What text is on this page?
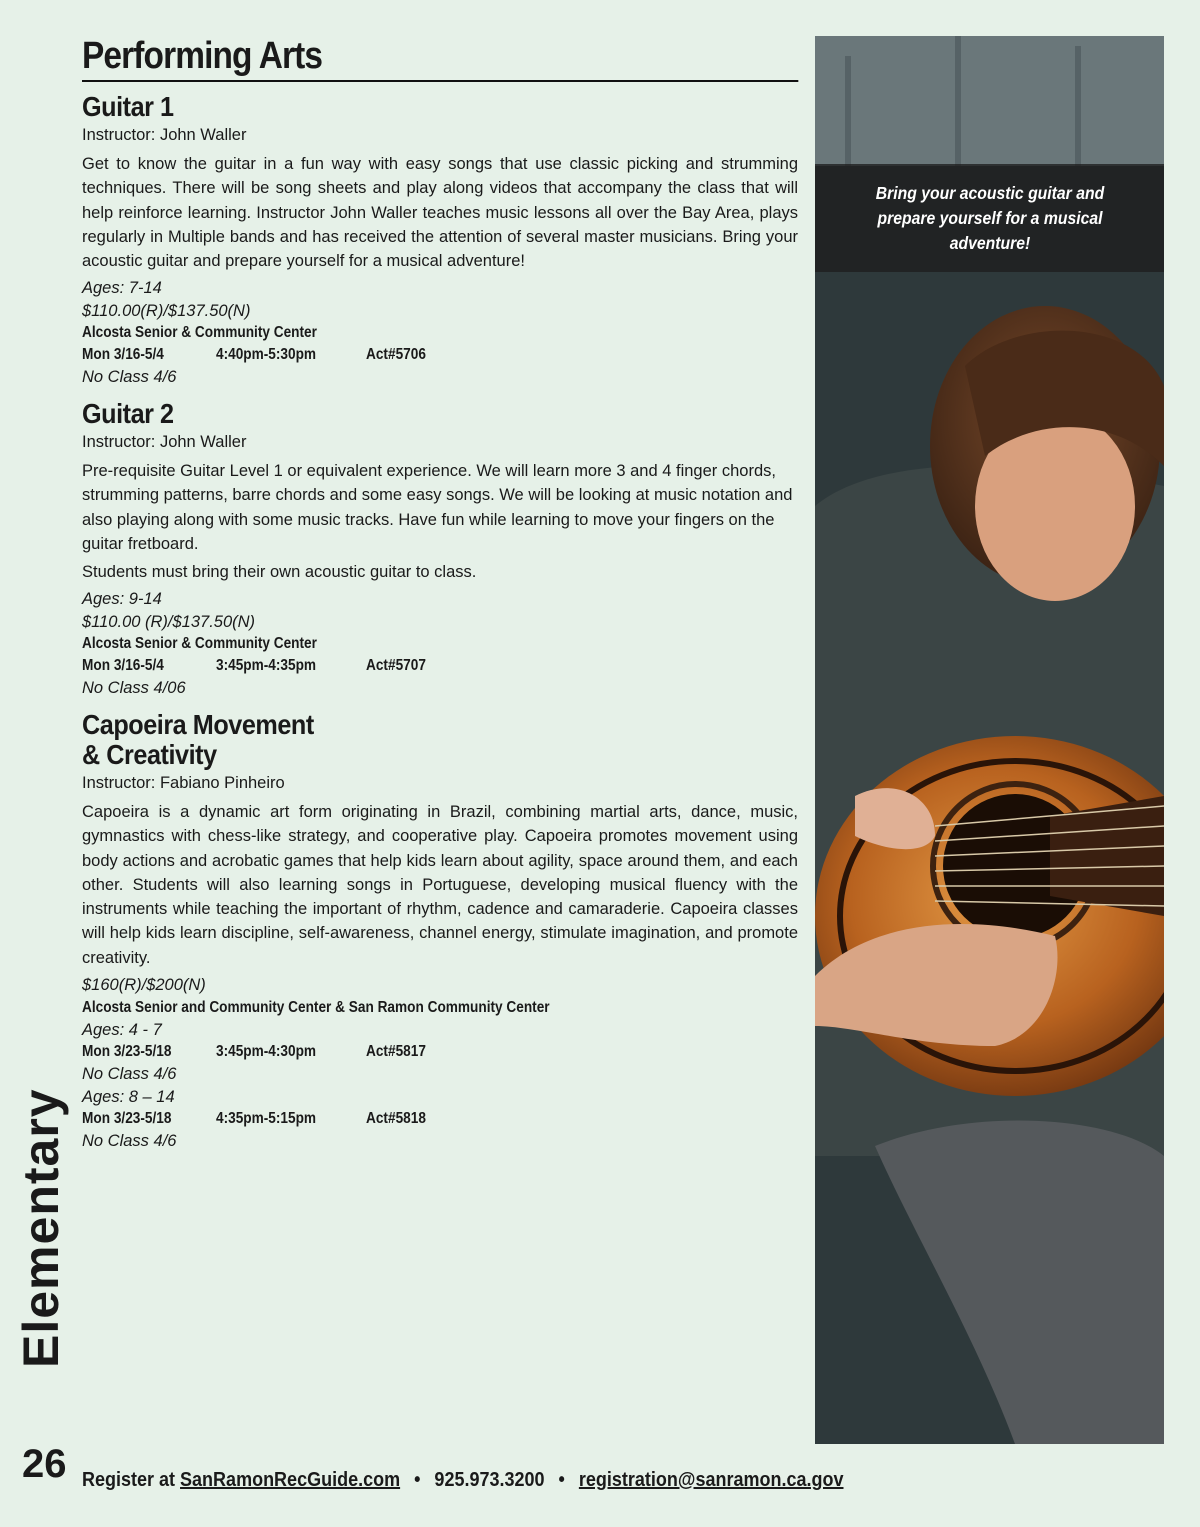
Performing Arts
Guitar 1

Instructor: John Waller

Get to know the guitar in a fun way with easy songs that use classic picking and strumming techniques. There will be song sheets and play along videos that accompany the class that will help reinforce learning. Instructor John Waller teaches music lessons all over the Bay Area, plays regularly in Multiple bands and has received the attention of several master musicians. Bring your acoustic guitar and prepare yourself for a musical adventure!

Ages: 7-14

$110.00(R)/$137.50(N)

Alcosta Senior & Community Center

Mon 3/16-5/4	4:40pm-5:30pm	Act#5706

No Class 4/6

Guitar 2

Instructor: John Waller

Pre-requisite Guitar Level 1 or equivalent experience. We will learn more 3 and 4 finger chords, strumming patterns, barre chords and some easy songs. We will be looking at music notation and also playing along with some music tracks. Have fun while learning to move your fingers on the guitar fretboard.

Students must bring their own acoustic guitar to class.

Ages: 9-14

$110.00 (R)/$137.50(N)

Alcosta Senior & Community Center

Mon 3/16-5/4	3:45pm-4:35pm	Act#5707

No Class 4/06

Capoeira Movement
& Creativity

Instructor: Fabiano Pinheiro

Capoeira is a dynamic art form originating in Brazil, combining martial arts, dance, music, gymnastics with chess-like strategy, and cooperative play. Capoeira promotes movement using body actions and acrobatic games that help kids learn about agility, space around them, and each other. Students will also learning songs in Portuguese, developing musical fluency with the instruments while teaching the important of rhythm, cadence and camaraderie. Capoeira classes will help kids learn discipline, self-awareness, channel energy, stimulate imagination, and promote creativity.

$160(R)/$200(N)

Alcosta Senior and Community Center & San Ramon Community Center

Ages: 4 - 7

Mon 3/23-5/18	3:45pm-4:30pm	Act#5817

No Class 4/6

Ages: 8 – 14

Mon 3/23-5/18	4:35pm-5:15pm	Act#5818

No Class 4/6

Bring your acoustic guitar and prepare yourself for a musical adventure!

Elementary
26 Register at SanRamonRecGuide.com • 925.973.3200 • registration@sanramon.ca.gov
